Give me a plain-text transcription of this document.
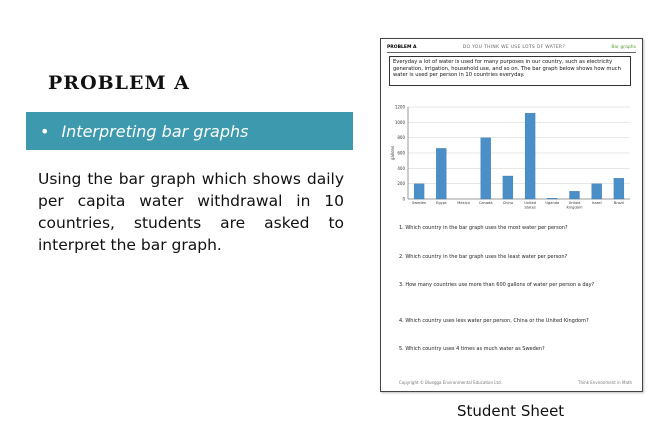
PROBLEM A
• Interpreting bar graphs
Using the bar graph which shows daily per capita water withdrawal in 10 countries, students are asked to interpret the bar graph.
PROBLEM A	DO YOU THINK WE USE LOTS OF WATER?	Bar graphs
Everyday a lot of water is used for many purposes in our country, such as electricity generation, irrigation, household use, and so on. The bar graph below shows how much water is used per person in 10 countries everyday.
0
200
400
600
800
1000
1200
gallons
Sweden	Egypt	Mexico	Canada	China	United
States
Uganda	United
Kingdom
Israel	Brazil
1. Which country in the bar graph uses the most water per person?
2. Which country in the bar graph uses the least water per person?
3. How many countries use more than 600 gallons of water per person a day?
4. Which country uses less water per person, China or the United Kingdom?
5. Which country uses 4 times as much water as Sweden?
Copyright © Bluegga Environmental Education Ltd.	Think Environment in Math
Student Sheet
